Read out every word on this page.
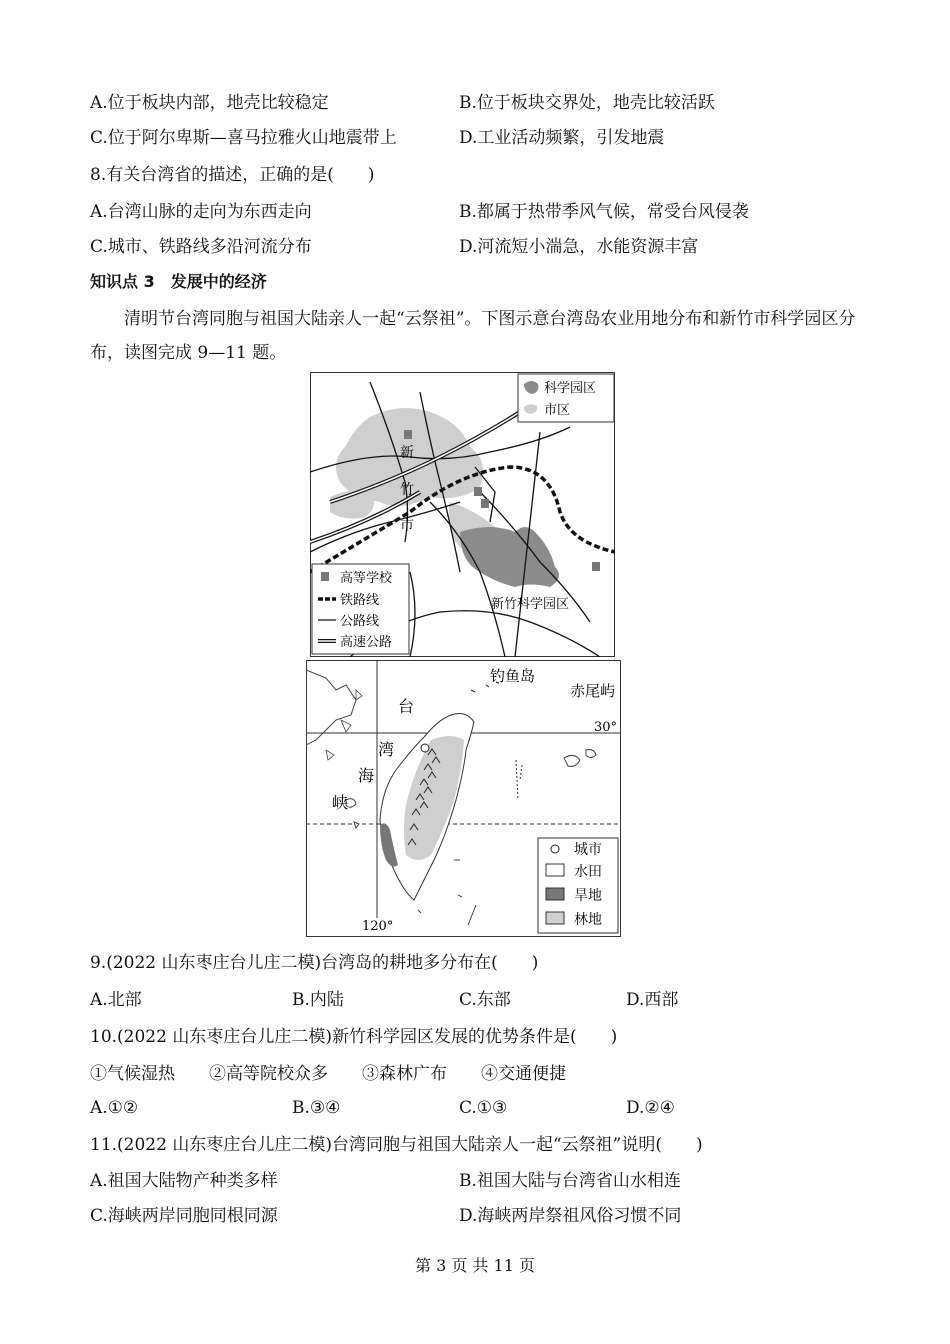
A.位于板块内部，地壳比较稳定	B.位于板块交界处，地壳比较活跃
C.位于阿尔卑斯—喜马拉雅火山地震带上	D.工业活动频繁，引发地震
8.有关台湾省的描述，正确的是(　　)
A.台湾山脉的走向为东西走向	B.都属于热带季风气候，常受台风侵袭
C.城市、铁路线多沿河流分布	D.河流短小湍急，水能资源丰富
知识点 3　发展中的经济
清明节台湾同胞与祖国大陆亲人一起“云祭祖”。下图示意台湾岛农业用地分布和新竹市科学园区分布，读图完成 9—11 题。
新
竹
市
新竹科学园区
科学园区
市区
高等学校
铁路线
公路线
高速公路
钓鱼岛
赤尾屿
30°
120°
台
湾
海
峡
城市
水田
旱地
林地
9.(2022 山东枣庄台儿庄二模)台湾岛的耕地多分布在(　　)
A.北部	B.内陆	C.东部	D.西部
10.(2022 山东枣庄台儿庄二模)新竹科学园区发展的优势条件是(　　)
①气候湿热　　②高等院校众多　　③森林广布　　④交通便捷
A.①②	B.③④	C.①③	D.②④
11.(2022 山东枣庄台儿庄二模)台湾同胞与祖国大陆亲人一起“云祭祖”说明(　　)
A.祖国大陆物产种类多样	B.祖国大陆与台湾省山水相连
C.海峡两岸同胞同根同源	D.海峡两岸祭祖风俗习惯不同
第 3 页 共 11 页
